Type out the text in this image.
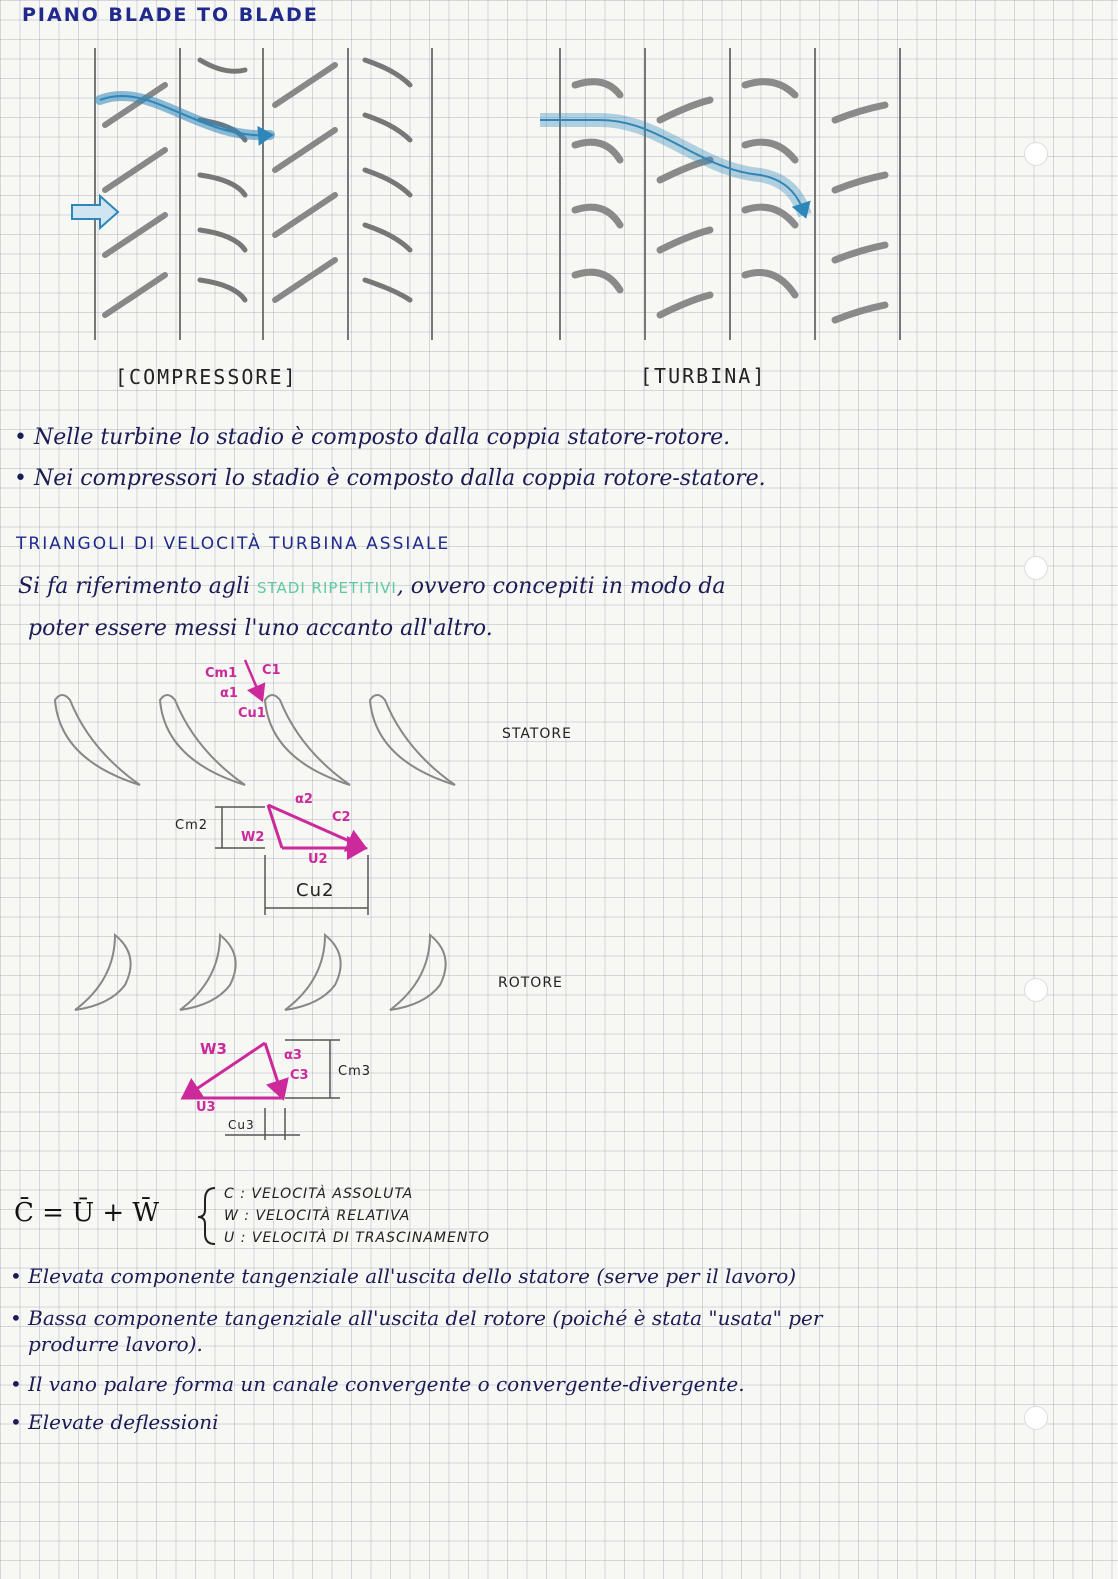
PIANO BLADE TO BLADE
[COMPRESSORE]	[TURBINA]
• Nelle turbine lo stadio è composto dalla coppia statore-rotore.
• Nei compressori lo stadio è composto dalla coppia rotore-statore.
TRIANGOLI DI VELOCITÀ TURBINA ASSIALE
Si fa riferimento agli STADI RIPETITIVI, ovvero concepiti in modo da
poter essere messi l'uno accanto all'altro.
STATORE
ROTORE
Cm1 C1
α1
Cu1
α2
C2
Cm2
W2
U2
Cu2
W3	α3
C3 Cm3
U3
Cu3
C̄ = Ū + W̄
C : VELOCITÀ ASSOLUTA
W : VELOCITÀ RELATIVA
U : VELOCITÀ DI TRASCINAMENTO
• Elevata componente tangenziale all'uscita dello statore (serve per il lavoro)
• Bassa componente tangenziale all'uscita del rotore (poiché è stata "usata" per
produrre lavoro).
• Il vano palare forma un canale convergente o convergente-divergente.
• Elevate deflessioni
